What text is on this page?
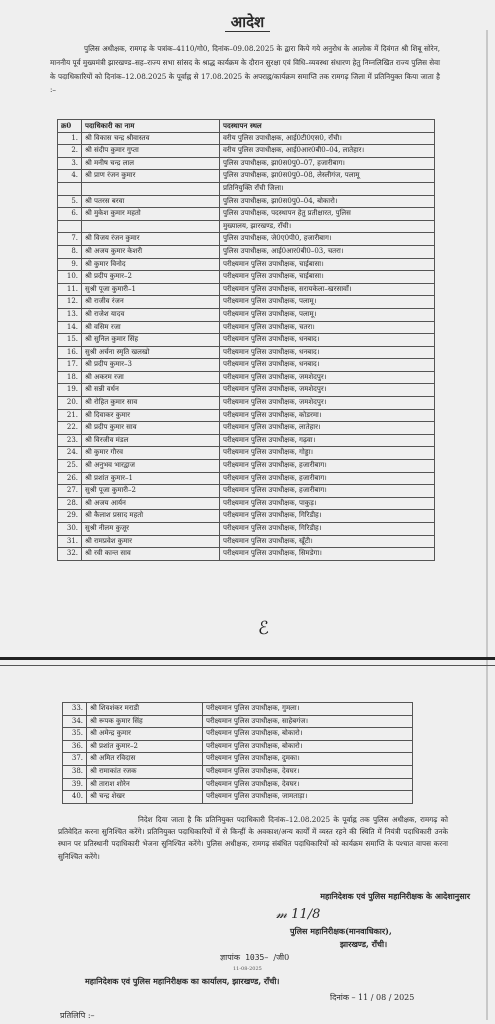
आदेश
पुलिस अधीक्षक, रामगढ़ के पत्रांक–4110/गो0, दिनांक–09.08.2025 के द्वारा किये गये अनुरोध के आलोक में दिवंगत श्री शिबू सोरेन, माननीय पूर्व मुख्यमंत्री झारखण्ड–सह–राज्य सभा सांसद के श्राद्ध कार्यक्रम के दौरान सुरक्षा एवं विधि–व्यवस्था संधारण हेतु निम्नलिखित राज्य पुलिस सेवा के पदाधिकारियों को दिनांक–12.08.2025 के पूर्वाह्न से 17.08.2025 के अपराह्न/कार्यक्रम समाप्ति तक रामगढ़ जिला में प्रतिनियुक्त किया जाता है :–
क्र0	पदाधिकारी का नाम	पदस्थापन स्थल
1.	श्री विकास चन्द्र श्रीवास्तव	वरीय पुलिस उपाधीक्षक, आई0टी0एस0, राँची।
2.	श्री संदीप कुमार गुप्ता	वरीय पुलिस उपाधीक्षक, आई0आर0बी0–04, लातेहार।
3.	श्री मनीष चन्द्र लाल	पुलिस उपाधीक्षक, झा0स0पु0–07, हजारीबाग।
4.	श्री प्राण रंजन कुमार	पुलिस उपाधीक्षक, झा0स0पु0–08, लेस्लीगंज, पलामू
		प्रतिनियुक्ति राँची जिला।
5.	श्री पतरस बरवा	पुलिस उपाधीक्षक, झा0स0पु0–04, बोकारो।
6.	श्री मुकेश कुमार महतो	पुलिस उपाधीक्षक, पदस्थापन हेतु प्रतीक्षारत, पुलिस
		मुख्यालय, झारखण्ड, राँची।
7.	श्री विजय रंजन कुमार	पुलिस उपाधीक्षक, जे0ए0पी0, हजारीबाग।
8.	श्री अजय कुमार केशरी	पुलिस उपाधीक्षक, आई0आर0बी0–03, चतरा।
9.	श्री कुमार विनोद	परीक्ष्यमान पुलिस उपाधीक्षक, चाईबासा।
10.	श्री प्रदीप कुमार–2	परीक्ष्यमान पुलिस उपाधीक्षक, चाईबासा।
11.	सुश्री पूजा कुमारी–1	परीक्ष्यमान पुलिस उपाधीक्षक, सरायकेला–खरसावाँ।
12.	श्री राजीव रंजन	परीक्ष्यमान पुलिस उपाधीक्षक, पलामू।
13.	श्री राजेश यादव	परीक्ष्यमान पुलिस उपाधीक्षक, पलामू।
14.	श्री वसिम रजा	परीक्ष्यमान पुलिस उपाधीक्षक, चतरा।
15.	श्री सुनिल कुमार सिंह	परीक्ष्यमान पुलिस उपाधीक्षक, धनबाद।
16.	सुश्री अर्चना स्मृति खलखो	परीक्ष्यमान पुलिस उपाधीक्षक, धनबाद।
17.	श्री प्रदीप कुमार–3	परीक्ष्यमान पुलिस उपाधीक्षक, धनबाद।
18.	श्री अकरम रजा	परीक्ष्यमान पुलिस उपाधीक्षक, जमशेदपुर।
19.	श्री सन्नी वर्धन	परीक्ष्यमान पुलिस उपाधीक्षक, जमशेदपुर।
20.	श्री रोहित कुमार साव	परीक्ष्यमान पुलिस उपाधीक्षक, जमशेदपुर।
21.	श्री दिवाकर कुमार	परीक्ष्यमान पुलिस उपाधीक्षक, कोडरमा।
22.	श्री प्रदीप कुमार साव	परीक्ष्यमान पुलिस उपाधीक्षक, लातेहार।
23.	श्री विरजीव मंडल	परीक्ष्यमान पुलिस उपाधीक्षक, गढ़वा।
24.	श्री कुमार गौरव	परीक्ष्यमान पुलिस उपाधीक्षक, गोड्डा।
25.	श्री अनुभव भारद्वाज	परीक्ष्यमान पुलिस उपाधीक्षक, हजारीबाग।
26.	श्री प्रशांत कुमार–1	परीक्ष्यमान पुलिस उपाधीक्षक, हजारीबाग।
27.	सुश्री पूजा कुमारी–2	परीक्ष्यमान पुलिस उपाधीक्षक, हजारीबाग।
28.	श्री अजय आर्यन	परीक्ष्यमान पुलिस उपाधीक्षक, पाकुड़।
29.	श्री कैलाश प्रसाद महतो	परीक्ष्यमान पुलिस उपाधीक्षक, गिरिडीह।
30.	सुश्री नीलम कुजूर	परीक्ष्यमान पुलिस उपाधीक्षक, गिरिडीह।
31.	श्री रामप्रवेश कुमार	परीक्ष्यमान पुलिस उपाधीक्षक, खूँटी।
32.	श्री रवी कान्त साव	परीक्ष्यमान पुलिस उपाधीक्षक, सिमडेगा।
ℰ
33.	श्री शिवशंकर मराडी	परीक्ष्यमान पुलिस उपाधीक्षक, गुमला।
34.	श्री रूपक कुमार सिंह	परीक्ष्यमान पुलिस उपाधीक्षक, साहेबगंज।
35.	श्री अमेन्द्र कुमार	परीक्ष्यमान पुलिस उपाधीक्षक, बोकारो।
36.	श्री प्रशांत कुमार–2	परीक्ष्यमान पुलिस उपाधीक्षक, बोकारो।
37.	श्री अमित रविदास	परीक्ष्यमान पुलिस उपाधीक्षक, दुमका।
38.	श्री रामाकांत रजक	परीक्ष्यमान पुलिस उपाधीक्षक, देवघर।
39.	श्री ताराश शोरेन	परीक्ष्यमान पुलिस उपाधीक्षक, देवघर।
40.	श्री चन्द्र शेखर	परीक्ष्यमान पुलिस उपाधीक्षक, जामताड़ा।
निदेश दिया जाता है कि प्रतिनियुक्त पदाधिकारी दिनांक–12.08.2025 के पूर्वाह्न तक पुलिस अधीक्षक, रामगढ़ को प्रतिवेदित करना सुनिश्चित करेंगे। प्रतिनियुक्त पदाधिकारियों में से किन्हीं के अवकाश/अन्य कार्यों में व्यस्त रहने की स्थिति में नियंत्री पदाधिकारी उनके स्थान पर प्रतिस्थानी पदाधिकारी भेजना सुनिश्चित करेंगे। पुलिस अधीक्षक, रामगढ़ संबंधित पदाधिकारियों को कार्यक्रम समाप्ति के पश्चात वापस करना सुनिश्चित करेंगे।
महानिदेशक एवं पुलिस महानिरीक्षक के आदेशानुसार
𝓂 11/8
पुलिस महानिरीक्षक(मानवाधिकार),
झारखण्ड, राँची।
ज्ञापांक 1035–  /जी0
11-08-2025
महानिदेशक एवं पुलिस महानिरीक्षक का कार्यालय, झारखण्ड, राँची।
दिनांक – 11 / 08 / 2025
प्रतिलिपि :–
